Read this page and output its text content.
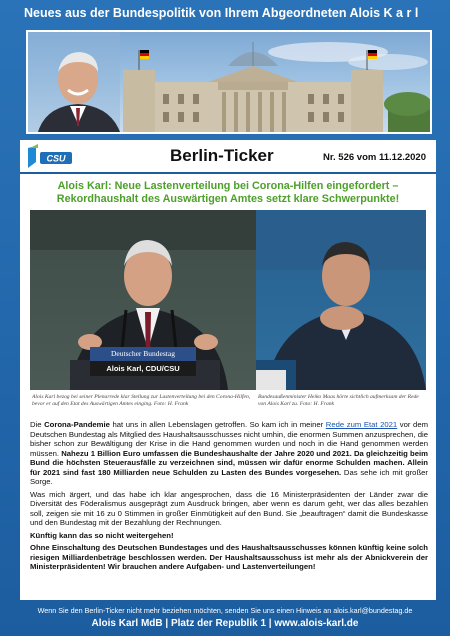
Neues aus der Bundespolitik von Ihrem Abgeordneten Alois K a r l
CSU	Berlin-Ticker	Nr. 526 vom 11.12.2020
Alois Karl: Neue Lastenverteilung bei Corona-Hilfen eingefordert – Rekordhaushalt des Auswärtigen Amtes setzt klare Schwerpunkte!
Deutscher Bundestag
Alois Karl, CDU/CSU
Alois Karl bezog bei seiner Plenarrede klar Stellung zur Lastenverteilung bei den Corona-Hilfen, bevor er auf den Etat des Auswärtigen Amtes einging. Foto: H. Frank
Bundesaußenminister Heiko Maas hörte sichtlich aufmerksam der Rede von Alois Karl zu. Foto: H. Frank

Die Corona-Pandemie hat uns in allen Lebenslagen getroffen. So kam ich in meiner Rede zum Etat 2021 vor dem Deutschen Bundestag als Mitglied des Haushaltsausschusses nicht umhin, die enormen Summen anzusprechen, die bisher schon zur Bewältigung der Krise in die Hand genommen wurden und noch in die Hand genommen werden müssen. Nahezu 1 Billion Euro umfassen die Bundeshaushalte der Jahre 2020 und 2021. Da gleichzeitig beim Bund die höchsten Steuerausfälle zu verzeichnen sind, müssen wir dafür enorme Schulden machen. Allein für 2021 sind fast 180 Milliarden neue Schulden zu Lasten des Bundes vorgesehen. Das sehe ich mit großer Sorge.

Was mich ärgert, und das habe ich klar angesprochen, dass die 16 Ministerpräsidenten der Länder zwar die Diversität des Föderalismus ausgeprägt zum Ausdruck bringen, aber wenn es darum geht, wer das alles bezahlen soll, zeigen sie mit 16 zu 0 Stimmen in großer Einmütigkeit auf den Bund. Sie „beauftragen“ damit die Bundeskasse und den Bundestag mit der Bezahlung der Rechnungen.

Künftig kann das so nicht weitergehen!

Ohne Einschaltung des Deutschen Bundestages und des Haushaltsausschusses können künftig keine solch riesigen Milliardenbeträge beschlossen werden. Der Haushaltsausschuss ist mehr als der Abnickverein der Ministerpräsidenten! Wir brauchen andere Aufgaben- und Lastenverteilungen!

Wenn Sie den Berlin-Ticker nicht mehr beziehen möchten, senden Sie uns einen Hinweis an alois.karl@bundestag.de
Alois Karl MdB | Platz der Republik 1 | www.alois-karl.de
